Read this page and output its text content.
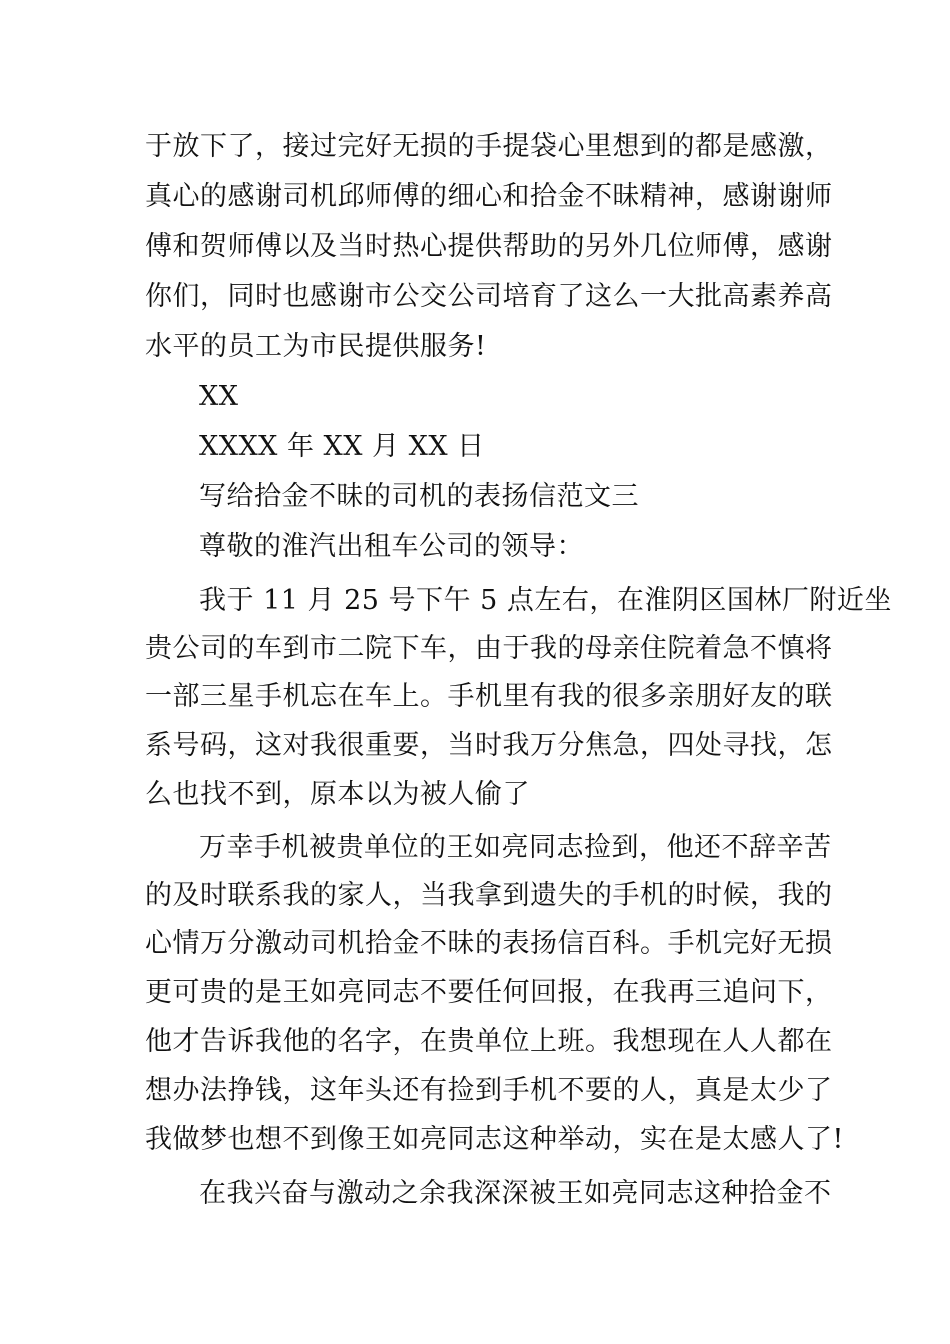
于放下了，接过完好无损的手提袋心里想到的都是感激，
真心的感谢司机邱师傅的细心和拾金不昧精神，感谢谢师
傅和贺师傅以及当时热心提供帮助的另外几位师傅，感谢
你们，同时也感谢市公交公司培育了这么一大批高素养高
水平的员工为市民提供服务!
XX
XXXX 年 XX 月 XX 日
写给拾金不昧的司机的表扬信范文三
尊敬的淮汽出租车公司的领导：
我于 11 月 25 号下午 5 点左右，在淮阴区国林厂附近坐
贵公司的车到市二院下车，由于我的母亲住院着急不慎将
一部三星手机忘在车上。手机里有我的很多亲朋好友的联
系号码，这对我很重要，当时我万分焦急，四处寻找，怎
么也找不到，原本以为被人偷了
万幸手机被贵单位的王如亮同志捡到，他还不辞辛苦
的及时联系我的家人，当我拿到遗失的手机的时候，我的
心情万分激动司机拾金不昧的表扬信百科。手机完好无损
更可贵的是王如亮同志不要任何回报，在我再三追问下，
他才告诉我他的名字，在贵单位上班。我想现在人人都在
想办法挣钱，这年头还有捡到手机不要的人，真是太少了
我做梦也想不到像王如亮同志这种举动，实在是太感人了!
在我兴奋与激动之余我深深被王如亮同志这种拾金不
